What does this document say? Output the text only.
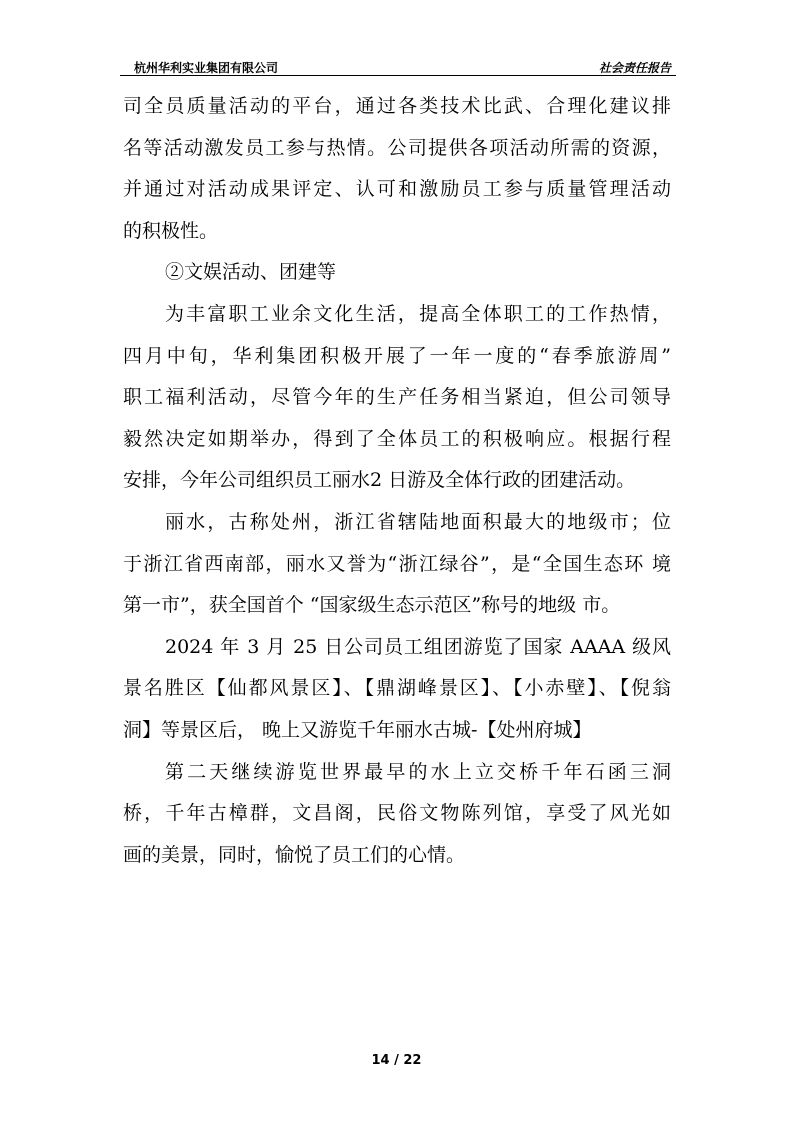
杭州华利实业集团有限公司	社会责任报告
司全员质量活动的平台，通过各类技术比武、合理化建议排
名等活动激发员工参与热情。公司提供各项活动所需的资源，
并通过对活动成果评定、认可和激励员工参与质量管理活动
的积极性。
②文娱活动、团建等
为丰富职工业余文化生活，提高全体职工的工作热情，
四月中旬，华利集团积极开展了一年一度的“春季旅游周”
职工福利活动，尽管今年的生产任务相当紧迫，但公司领导
毅然决定如期举办，得到了全体员工的积极响应。根据行程
安排，今年公司组织员工丽水2 日游及全体行政的团建活动。
丽水，古称处州，浙江省辖陆地面积最大的地级市；位
于浙江省西南部，丽水又誉为“浙江绿谷”，是“全国生态环 境
第一市”，获全国首个 “国家级生态示范区”称号的地级 市。
2024 年 3 月 25 日公司员工组团游览了国家 AAAA 级风
景名胜区【仙都风景区】、【鼎湖峰景区】、【小赤壁】、【倪翁
洞】等景区后， 晚上又游览千年丽水古城-【处州府城】
第二天继续游览世界最早的水上立交桥千年石函三洞
桥，千年古樟群，文昌阁，民俗文物陈列馆，享受了风光如
画的美景，同时，愉悦了员工们的心情。
14 / 22
